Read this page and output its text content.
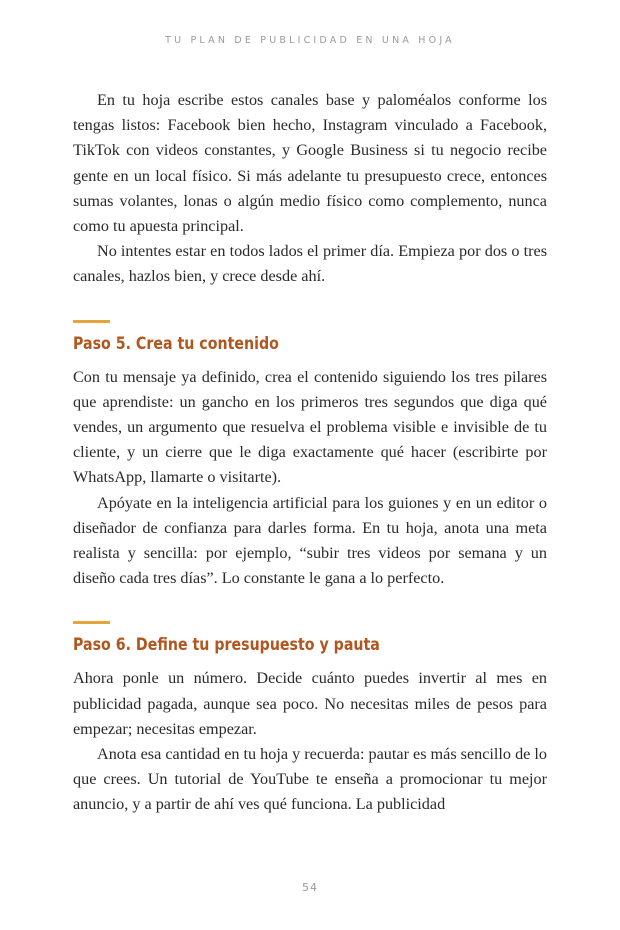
TU PLAN DE PUBLICIDAD EN UNA HOJA

En tu hoja escribe estos canales base y paloméalos conforme los tengas listos: Facebook bien hecho, Instagram vinculado a Facebook, TikTok con videos constantes, y Google Business si tu negocio recibe gente en un local físico. Si más adelante tu presupuesto crece, entonces sumas volantes, lonas o algún medio físico como complemento, nunca como tu apuesta principal.

No intentes estar en todos lados el primer día. Empieza por dos o tres canales, hazlos bien, y crece desde ahí.

Paso 5. Crea tu contenido

Con tu mensaje ya definido, crea el contenido siguiendo los tres pilares que aprendiste: un gancho en los primeros tres segundos que diga qué vendes, un argumento que resuelva el problema visible e invisible de tu cliente, y un cierre que le diga exactamente qué hacer (escribirte por WhatsApp, llamarte o visitarte).

Apóyate en la inteligencia artificial para los guiones y en un editor o diseñador de confianza para darles forma. En tu hoja, anota una meta realista y sencilla: por ejemplo, “subir tres videos por semana y un diseño cada tres días”. Lo constante le gana a lo perfecto.

Paso 6. Define tu presupuesto y pauta

Ahora ponle un número. Decide cuánto puedes invertir al mes en publicidad pagada, aunque sea poco. No necesitas miles de pesos para empezar; necesitas empezar.

Anota esa cantidad en tu hoja y recuerda: pautar es más sencillo de lo que crees. Un tutorial de YouTube te enseña a promocionar tu mejor anuncio, y a partir de ahí ves qué funciona. La publicidad

54
